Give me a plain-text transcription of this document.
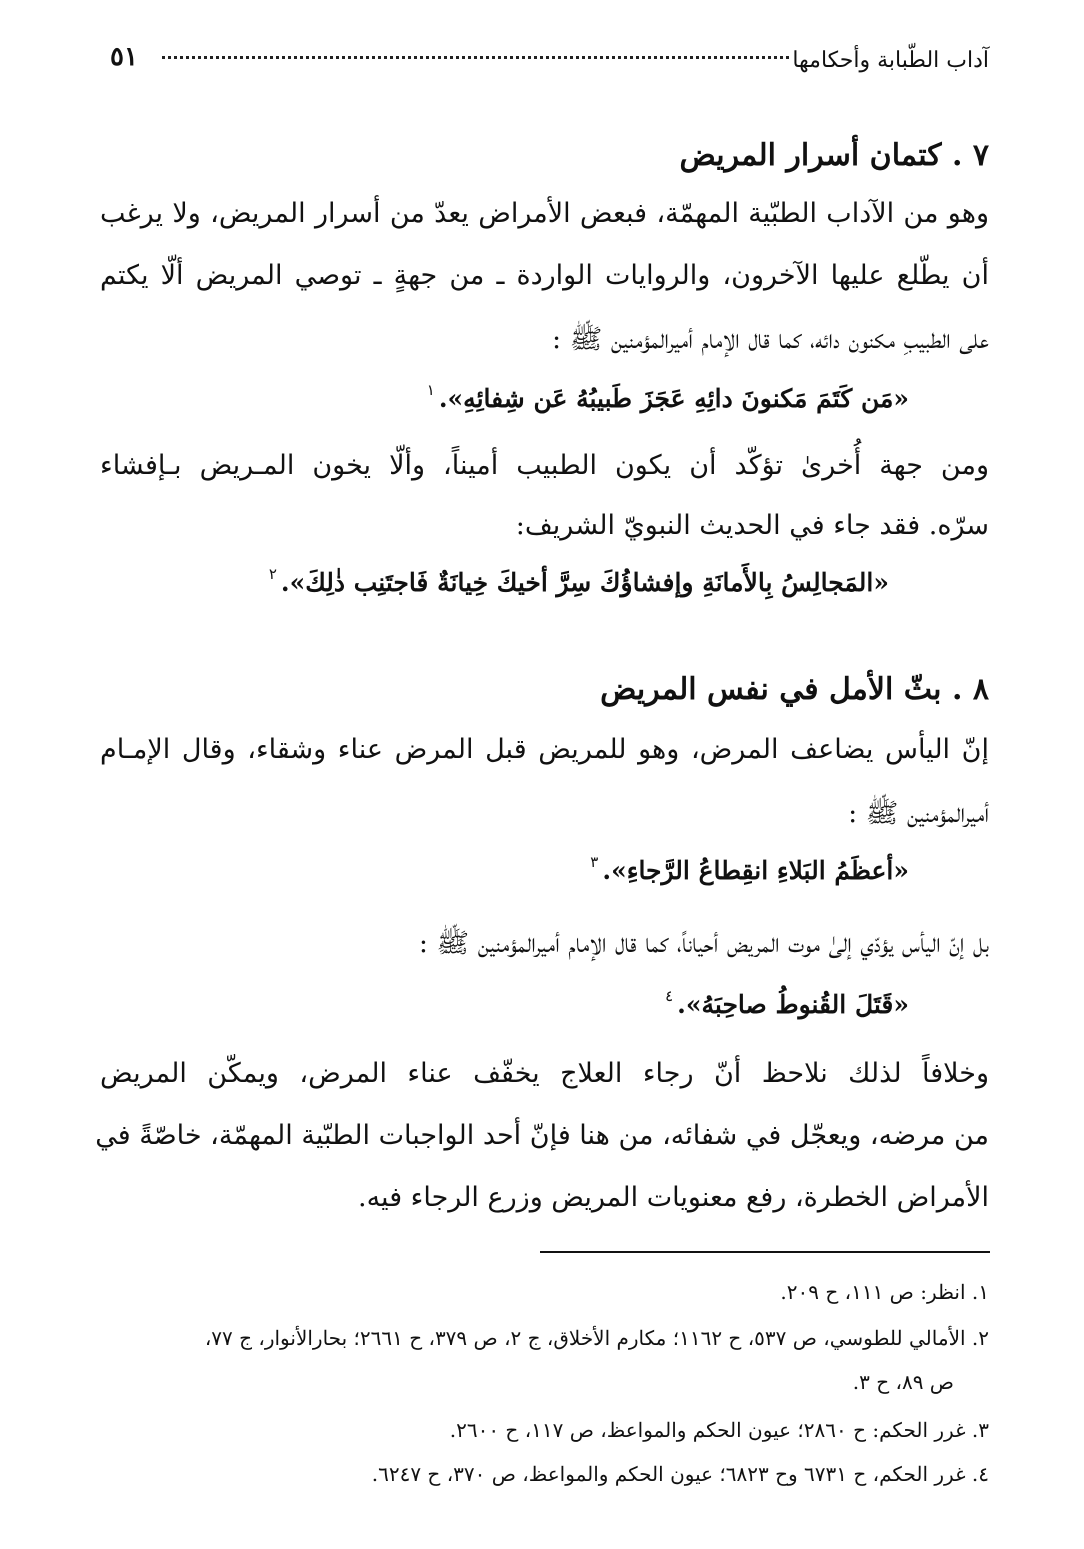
آداب الطّبابة وأحكامها
٥١
٧ . كتمان أسرار المريض
وهو من الآداب الطبّية المهمّة، فبعض الأمراض يعدّ من أسرار المريض، ولا يرغب
أن يطّلع عليها الآخرون، والروايات الواردة ـ من جهةٍ ـ توصي المريض ألّا يكتم
على الطبيبِ مكنون دائه، كما قال الإمام أميرالمؤمنين ﷺ :
«مَن كَتَمَ مَكنونَ دائِهِ عَجَزَ طَبيبُهُ عَن شِفائِهِ».$^١$
ومن جهة أُخرىٰ تؤكّد أن يكون الطبيب أميناً، وألّا يخون المـريض بـإفشاء
سرّه. فقد جاء في الحديث النبويّ الشريف:
«المَجالِسُ بِالأَمانَةِ وإفشاؤُكَ سِرَّ أخيكَ خِيانَةٌ فَاجتَنِب ذٰلِكَ».$^٢$
٨ . بثّ الأمل في نفس المريض
إنّ اليأس يضاعف المرض، وهو للمريض قبل المرض عناء وشقاء، وقال الإمـام
أميرالمؤمنين ﷺ :
«أعظَمُ البَلاءِ انقِطاعُ الرَّجاءِ».$^٣$
بل إنّ اليأس يؤدّي إلىٰ موت المريض أحياناً، كما قال الإمام أميرالمؤمنين ﷺ :
«قَتَلَ القُنوطُ صاحِبَهُ».$^٤$
وخلافاً لذلك نلاحظ أنّ رجاء العلاج يخفّف عناء المرض، ويمكّن المريض
من مرضه، ويعجّل في شفائه، من هنا فإنّ أحد الواجبات الطبّية المهمّة، خاصّةً في
الأمراض الخطرة، رفع معنويات المريض وزرع الرجاء فيه.
١. انظر: ص ١١١، ح ٢٠٩.
٢. الأمالي للطوسي، ص ٥٣٧، ح ١١٦٢؛ مكارم الأخلاق، ج ٢، ص ٣٧٩، ح ٢٦٦١؛ بحارالأنوار، ج ٧٧،
ص ٨٩، ح ٣.
٣. غرر الحكم: ح ٢٨٦٠؛ عيون الحكم والمواعظ، ص ١١٧، ح ٢٦٠٠.
٤. غرر الحكم، ح ٦٧٣١ وح ٦٨٢٣؛ عيون الحكم والمواعظ، ص ٣٧٠، ح ٦٢٤٧.
